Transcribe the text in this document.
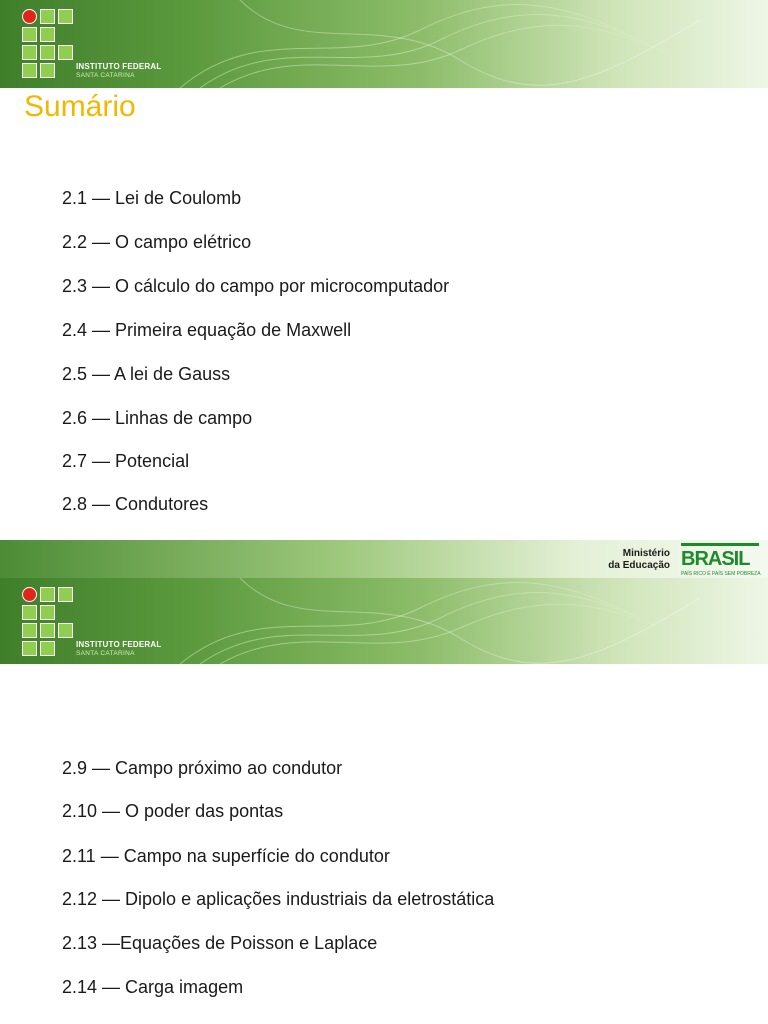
INSTITUTO FEDERAL
SANTA CATARINA
Sumário
2.1 — Lei de Coulomb
2.2 — O campo elétrico
2.3 — O cálculo do campo por microcomputador
2.4 — Primeira equação de Maxwell
2.5 — A lei de Gauss
2.6 — Linhas de campo
2.7 — Potencial
2.8 — Condutores
Ministério
da Educação BRASIL
PAÍS RICO É PAÍS SEM POBREZA
INSTITUTO FEDERAL
SANTA CATARINA
2.9 — Campo próximo ao condutor
2.10 — O poder das pontas
2.11 — Campo na superfície do condutor
2.12 — Dipolo e aplicações industriais da eletrostática
2.13 —Equações de Poisson e Laplace
2.14 — Carga imagem
